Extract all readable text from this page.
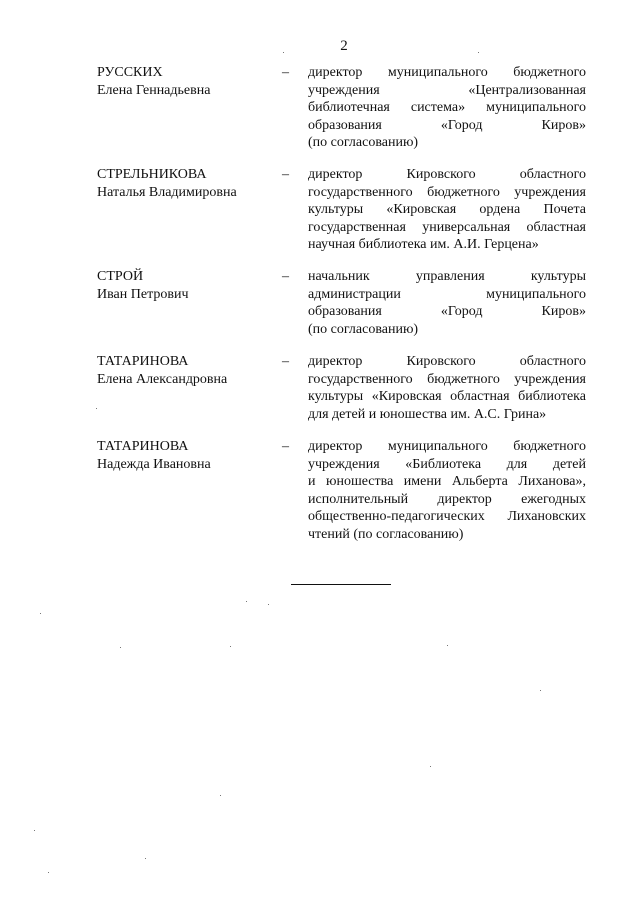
2
РУССКИХ
Елена Геннадьевна
– директор муниципального бюджетного
учреждения «Централизованная
библиотечная система» муниципального
образования «Город Киров»
(по согласованию)
СТРЕЛЬНИКОВА
Наталья Владимировна
– директор Кировского областного
государственного бюджетного учреждения
культуры «Кировская ордена Почета
государственная универсальная областная
научная библиотека им. А.И. Герцена»
СТРОЙ
Иван Петрович
– начальник управления культуры
администрации муниципального
образования «Город Киров»
(по согласованию)
ТАТАРИНОВА
Елена Александровна
– директор Кировского областного
государственного бюджетного учреждения
культуры «Кировская областная библиотека
для детей и юношества им. А.С. Грина»
ТАТАРИНОВА
Надежда Ивановна
– директор муниципального бюджетного
учреждения «Библиотека для детей
и юношества имени Альберта Лиханова»,
исполнительный директор ежегодных
общественно-педагогических Лихановских
чтений (по согласованию)
